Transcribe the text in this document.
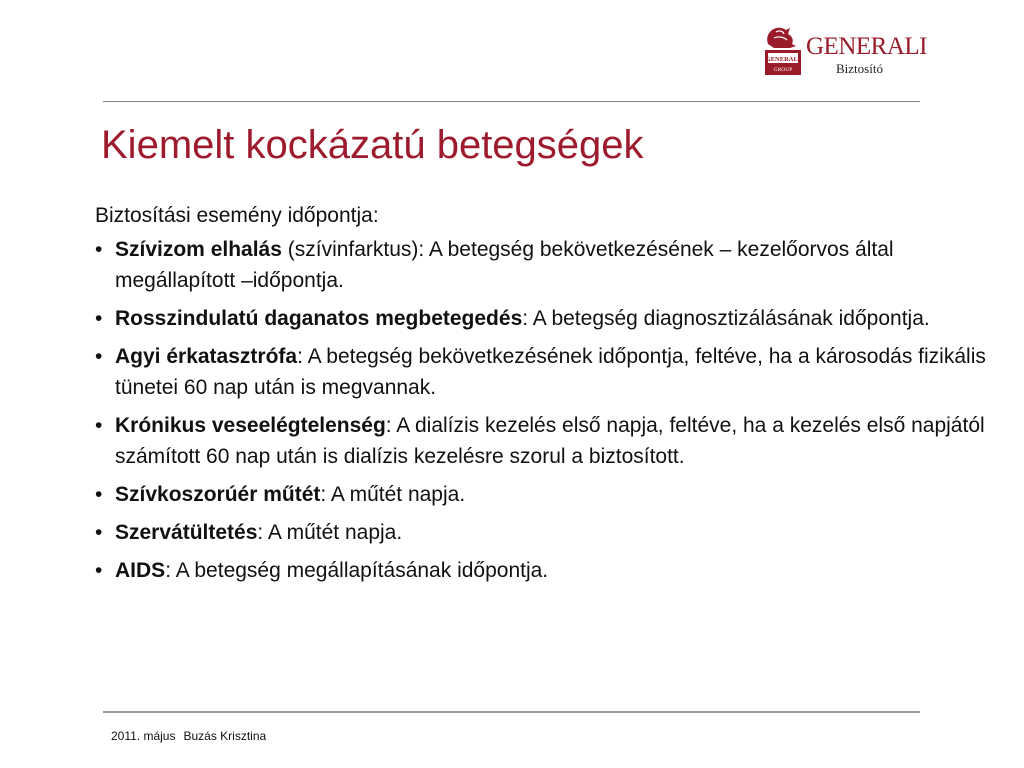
GENERALI
GROUP
GENERALI
Biztosító
Kiemelt kockázatú betegségek

Biztosítási esemény időpontja:

• Szívizom elhalás (szívinfarktus): A betegség bekövetkezésének – kezelőorvos által megállapított –időpontja.
• Rosszindulatú daganatos megbetegedés: A betegség diagnosztizálásának időpontja.
• Agyi érkatasztrófa: A betegség bekövetkezésének időpontja, feltéve, ha a károsodás fizikális tünetei 60 nap után is megvannak.
• Krónikus veseelégtelenség: A dialízis kezelés első napja, feltéve, ha a kezelés első napjától számított 60 nap után is dialízis kezelésre szorul a biztosított.
• Szívkoszorúér műtét: A műtét napja.
• Szervátültetés: A műtét napja.
• AIDS: A betegség megállapításának időpontja.
2011. május Buzás Krisztina
